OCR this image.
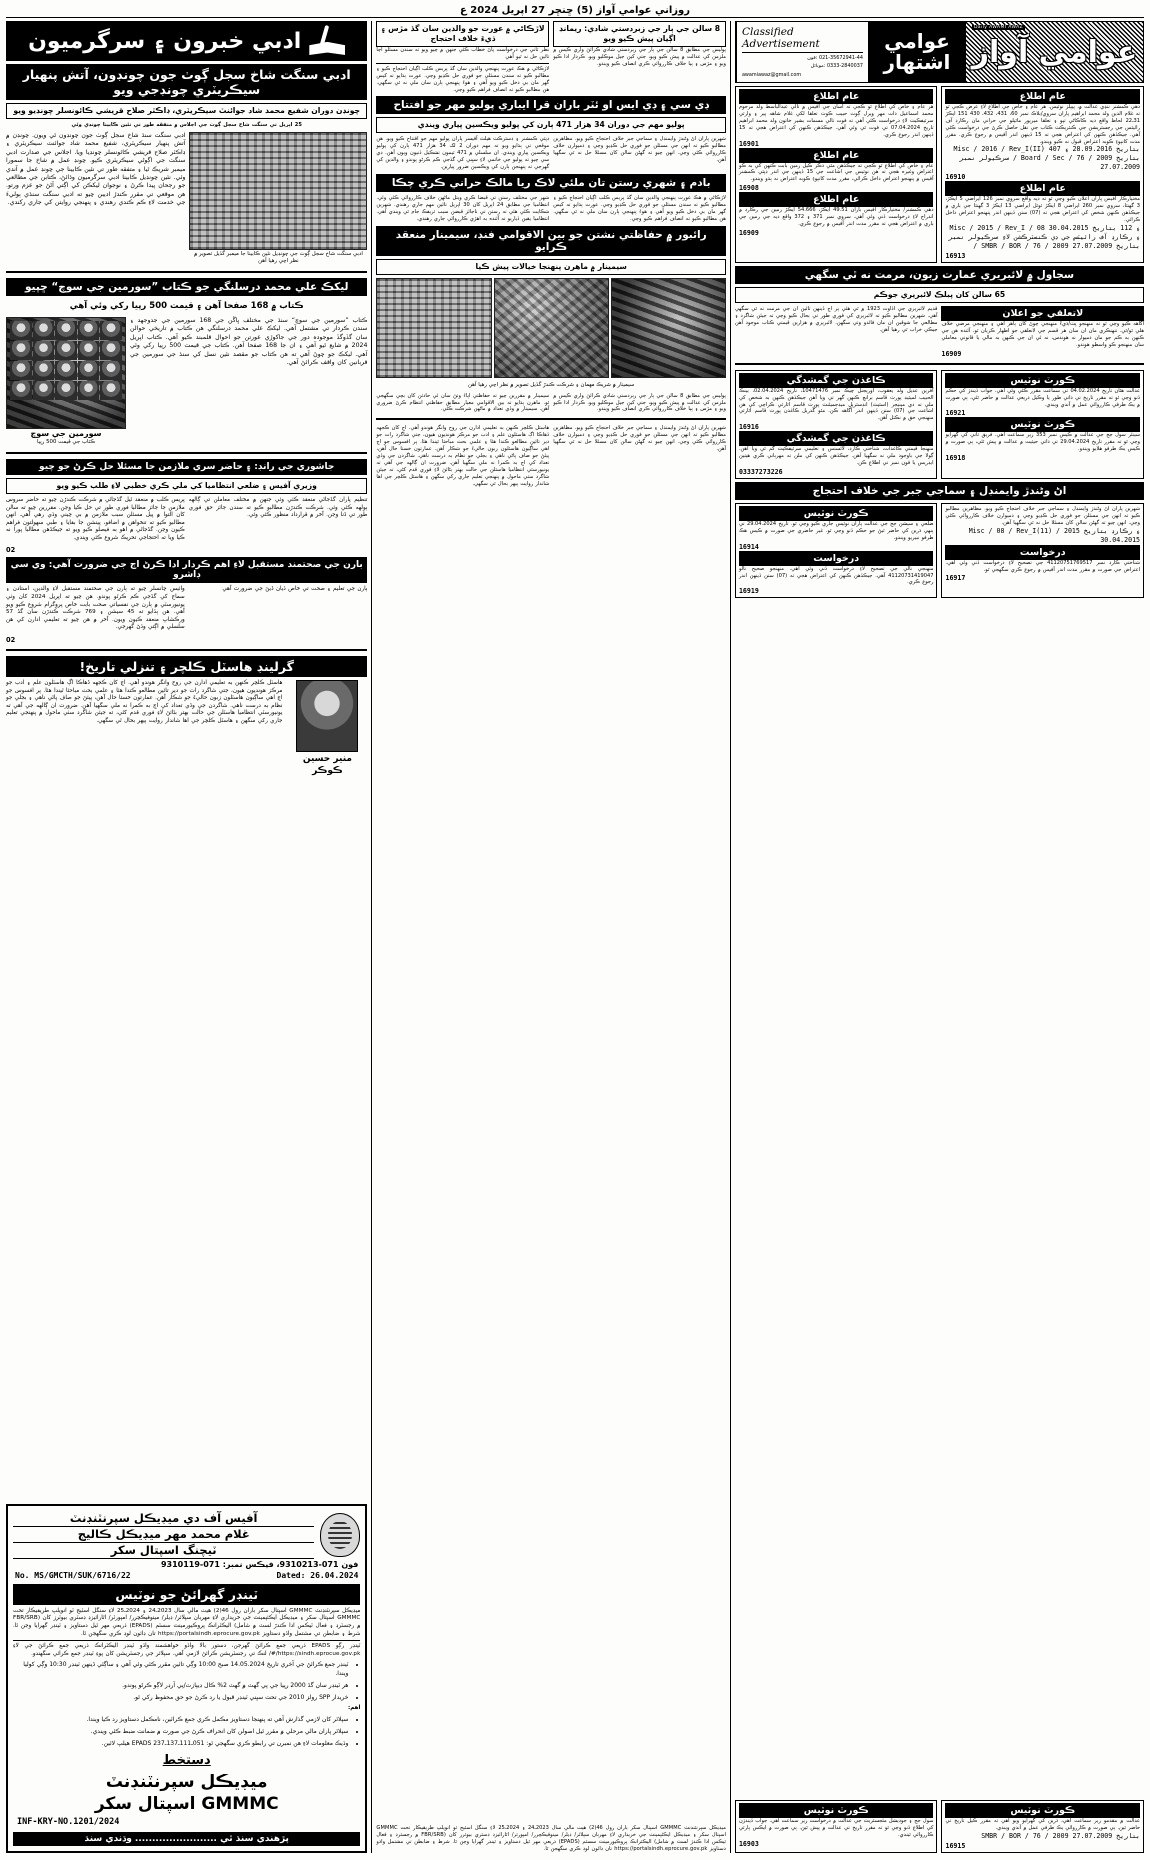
روزاني عوامي آواز (5) ڇنڇر 27 اپريل 2024 ع
ادبي خبرون ۽ سرگرميون
ادبي سنگت شاخ سجل ڳوٺ جون چونڊون، آتش پنهيار سيڪريٽري چونڊجي ويو
چونڊن دوران شفيع محمد شاد جوائنٽ سيڪريٽري، ڊاڪٽر صلاح قريشي ڪائونسلر چونڊيو ويو
25 اپريل تي سنگت شاخ سجل ڳوٺ جي اجلاس ۾ متفقه طور تي نئين ڪابينا چونڊي وئي
ادبي سنگت سنڌ شاخ سجل ڳوٺ جون چونڊون ٿي ويون. چونڊن ۾ آتش پنهيار سيڪريٽري، شفيع محمد شاد جوائنٽ سيڪريٽري ۽ ڊاڪٽر صلاح قريشي ڪائونسلر چونڊيا ويا. اجلاس جي صدارت ادبي سنگت جي اڳوڻي سيڪريٽري ڪيو. چونڊ عمل ۾ شاخ جا سمورا ميمبر شريڪ ٿيا ۽ متفقه طور تي نئين ڪابينا جي چونڊ عمل ۾ آندي وئي. نئين چونڊيل ڪابينا ادبي سرگرميون وڌائڻ، ڪتابن جي مطالعي جو رجحان پيدا ڪرڻ ۽ نوجوان ليکڪن کي اڳتي آڻڻ جو عزم ورتو. هن موقعي تي مقرر ڪندڙ اديبن چيو ته ادبي سنگت سنڌي ٻوليءَ جي خدمت لاءِ ڪم ڪندي رهندي ۽ پنهنجي روايتن کي جاري رکندي.
ادبي سنگت شاخ سجل ڳوٺ جي چونڊيل نئين ڪابينا جا ميمبر گڏيل تصوير ۾ نظر اچي رهيا آهن
ليکڪ علي محمد درسلنگي جو ڪتاب ”سورمين جي سوچ“ ڇپيو
ڪتاب ۾ 168 صفحا آهن ۽ قيمت 500 رپيا رکي وئي آهي
سورمين جي سوچ
ڪتاب جي قيمت 500 رپيا
ڪتاب ”سورمين جي سوچ“ سنڌ جي مختلف ڀاڱن جي 168 سورمين جي جدوجهد ۽ سندن ڪردار تي مشتمل آهي. ليکڪ علي محمد درسلنگي هن ڪتاب ۾ تاريخي حوالن سان گڏوگڏ موجوده دور جي جاکوڙي عورتن جو احوال قلمبند ڪيو آهي. ڪتاب اپريل 2024 ۾ شايع ٿيو آهي ۽ ان جا 168 صفحا آهن. ڪتاب جي قيمت 500 رپيا رکي وئي آهي. ليکڪ جو چوڻ آهي ته هن ڪتاب جو مقصد نئين نسل کي سنڌ جي سورمين جي قربانين کان واقف ڪرائڻ آهي.
جاشوري جي رانڊ: ۽ حاضر سري ملازمن جا مسئلا حل ڪرڻ جو چيو
وزيري آفيس ۽ ضلعي انتظاميا کي ملي ڪري خطبي لاءِ طلب ڪيو ويو
پريس ڪلب ۾ منعقد ٿيل گڏجاڻي ۾ شرڪت ڪندڙن چيو ته حاضر سروس ملازمن جا جائز مطالبا فوري طور تي حل ڪيا وڃن. مقررين چيو ته سالن کان التوا ۾ پيل مسئلن سبب ملازمن ۾ بي چيني وڌي رهي آهي. انهن مطالبو ڪيو ته تنخواهن ۾ اضافو، پينشن جا بقايا ۽ طبي سهولتون فراهم ڪيون وڃن. گڏجاڻي ۾ اهو به فيصلو ڪيو ويو ته جيڪڏهن مطالبا پورا نه ڪيا ويا ته احتجاجي تحريڪ شروع ڪئي ويندي.
تنظيم پاران گڏجاڻي منعقد ڪئي وئي جنهن ۾ مختلف معاملن تي ڳالهه ٻولهه ڪئي وئي. شرڪت ڪندڙن مطالبو ڪيو ته سندن جائز حق فوري طور تي ڏنا وڃن. آخر ۾ قرارداد منظور ڪئي وئي.
02
بارن جي صحتمند مستقبل لاءِ اهم ڪردار ادا ڪرڻ اڄ جي ضرورت آهي: وي سي ڊاشرو
وائيس چانسلر چيو ته ٻارن جي صحتمند مستقبل لاءِ والدين، استادن ۽ سماج کي گڏجي ڪم ڪرڻو پوندو. هن چيو ته اپريل 2024 کان وٺي يونيورسٽي ۾ ٻارن جي نفسياتي صحت بابت خاص پروگرام شروع ڪيو ويو آهي. هن ٻڌايو ته 45 سيشن ۽ 769 شرڪت ڪندڙن سان گڏ 57 ورڪشاپ منعقد ڪيون ويون. آخر ۾ هن چيو ته تعليمي ادارن کي هن سلسلي ۾ اڳتي وڌڻ گهرجي.
ٻارن جي تعليم ۽ صحت تي خاص ڌيان ڏيڻ جي ضرورت آهي
02
گرلينڊ هاسٽل ڪلچر ۽ تنزلي تاريخ!
هاسٽل ڪلچر ڪنهن به تعليمي ادارن جي روح وانگر هوندو آهي. اڄ کان ڪجهه ڏهاڪا اڳ هاسٽلون علم ۽ ادب جو مرڪز هونديون هيون، جتي شاگرد رات جو دير تائين مطالعو ڪندا هئا ۽ علمي بحث مباحثا ٿيندا هئا. پر افسوس جو اڄ اهي ساڳيون هاسٽلون زبون حاليءَ جو شڪار آهن. عمارتون خستا حال آهن، پيئڻ جو صاف پاڻي ناهي ۽ بجلي جو نظام به درست ناهي. شاگردن جي وڏي تعداد کي اڄ به ڪمرا نه ملي سگهيا آهن. ضرورت ان ڳالهه جي آهي ته يونيورسٽي انتظاميا هاسٽلن جي حالت بهتر بڻائڻ لاءِ فوري قدم کڻي، ته جيئن شاگرد سٺي ماحول ۾ پنهنجي تعليم جاري رکي سگهن ۽ هاسٽل ڪلچر جي اها شاندار روايت ٻيهر بحال ٿي سگهي.
منير حسين ڪوڪر
آفيس آف دي ميڊيڪل سپرنٽنڊنٽ
غلام محمد مهر ميڊيڪل ڪاليج
ٽيچنگ اسپتال سکر
فون 071-9310213، فيڪس نمبر: 071-9310119
No. MS/GMCTH/SUK/6716/22	Dated: 26.04.2024
ٽينڊر گهرائڻ جو نوٽيس
ميڊيڪل سپرنٽنڊنٽ GMMMC اسپتال سکر باران رول 46(2) هيٺ مالي سال 2023ـ24 ۽ 2024ـ25 لاءِ سنگل اسٽيج ٽو انويلپ طريقيڪار تحت GMMMC اسپتال سکر ۽ ميڊيڪل ايڪئپمينٽ جي خريداري لاءِ مهربان سپلائر/ ڊيلر/ مينوفيڪچرر/ امپورٽر/ اٿارائيزڊ ڊسٽري بيوٽرز کان (FBR/SRB ۾ رجسٽرڊ ۽ فعال ٽيڪس ادا ڪندڙ لسٽ ۾ شامل) اليڪٽرانڪ پروڪيورمينٽ سسٽم (EPADS) ذريعي مهر ٿيل دستاويز ۽ ٽينڊر گهرايا وڃن ٿا. شرط ۽ ضابطن تي مشتمل واڌو دستاويز https://portalsindh.eprocure.gov.pk تان ڊائون لوڊ ڪري سگهجن ٿا.
ٽينڊر رڳو EPADS ذريعي جمع ڪرائڻ گهرجن، دستور بالا واڌو خواهشمند واڌو ٽينڊر اليڪٽرانڪ ذريعي جمع ڪرائڻ جي لاءِ https://sindh.eprocue.gov.pk/#/ لنڪ تي رجسٽريشن ڪرائڻ لازمي آهي. سپلائر جي رجسٽريشن کان پوءِ ٽينڊر جمع ڪرائي سگهندو.
• ٽينڊر جمع ڪرائڻ جي آخري تاريخ 14.05.2024 صبح 10:00 وڳي تائين مقرر ڪئي وئي آهي ۽ ساڳئي ڏينهن ٽينڊر 10:30 وڳي کوليا ويندا.
• هر ٽينڊر سان گڏ 2000 رپيا جي پي گھٽ ۾ گھٽ 2% ڪال ڊيپازٽ/پي آرڊر لاڳو ڪرڻو پوندو.
• خريدار SPP رولز 2010 جي تحت سڀني ٽينڊر قبول يا رد ڪرڻ جو حق محفوظ رکي ٿو.
اهم:
• سپلائر کان لازمي گذارش آهي ته پنهنجا دستاويز مڪمل ڪري جمع ڪرائين، نامڪمل دستاويز رد ڪيا ويندا.
• سپلائر پاران مالي مرحلي ۾ مقرر ٿيل اصولن کان انحراف ڪرڻ جي صورت ۾ ضمانت ضبط ڪئي ويندي.
• وڌيڪ معلومات لاءِ هن نمبرن تي رابطو ڪري سگهجي ٿو: 051ـ111ـ137ـ237 EPADS هيلپ لائين.
دستخط
ميڊيڪل سپرنٽنڊنٽ
GMMMC اسپتال سکر
INF-KRY-NO.1201/2024
پڙهندي سنڌ ٿي ........................ وڌندي سنڌ
لاڙڪاڻي ۾ عورت جو والدين سان گڏ مڙس ۽ ڌيءَ خلاف احتجاج
نظر ثاني جي درخواست پاڻ خطاب ڪئي جنهن ۾ چيو ويو ته سندن مسئلو اڃا تائين حل نه ٿيو آهي
لاڙڪاڻي ۾ هڪ عورت پنهنجي والدين سان گڏ پريس ڪلب اڳيان احتجاج ڪيو ۽ مطالبو ڪيو ته سندن مسئلي جو فوري حل ڪڍيو وڃي. عورت ٻڌايو ته کيس گهر مان بي دخل ڪيو ويو آهي ۽ هوءَ پنهنجي ٻارن سان ملي نه ٿي سگهي. هن مطالبو ڪيو ته انصاف فراهم ڪيو وڃي.
8 سالن جي ٻار جي زبردستي شادي: ريمانڊ اڳيان پيش ڪيو ويو
پوليس جي مطابق 8 سالن جي ٻار جي زبردستي شادي ڪرائڻ واري ڪيس ۾ ملزمن کي عدالت ۾ پيش ڪيو ويو، جتي کين جيل موڪليو ويو. ڪردار ادا ڪيو ويو ۽ مڙس ۽ ٻيا خلاف ڪارروائي ڪري انصاف ڪيو ويندو.
ڊي سي ۽ ڊي ايس او ئٽر باران قرا ايباري پوليو مهر جو افتتاح
پوليو مهم جي دوران 34 هزار 471 ٻارن کي پوليو ويڪسين پياري ويندي
ڊپٽي ڪمشنر ۽ ڊسٽرڪٽ هيلٿ آفيسر پاران پوليو مهم جو افتتاح ڪيو ويو. هن موقعي تي ٻڌايو ويو ته مهم دوران 2 لک 34 هزار 471 ٻارن کي پوليو ويڪسين پياري ويندي. ان سلسلي ۾ 471 ٽيمون تشڪيل ڏنيون ويون آهن. ڊي سي چيو ته پوليو جي خاتمي لاءِ سڀني کي گڏجي ڪم ڪرڻو پوندو ۽ والدين کي گهرجي ته پنهنجن ٻارن کي ويڪسين ضرور پيارين.
شهرين پاران اڻ وڻندڙ وايمنڊل ۽ سماجي جبر خلاف احتجاج ڪيو ويو. مظاهرين مطالبو ڪيو ته انهن جي مسئلن جو فوري حل ڪڍيو وڃي ۽ ذميوارن خلاف ڪارروائي ڪئي وڃي. انهن چيو ته گهڻن سالن کان مسئلا حل نه ٿي سگهيا آهن.
بادم ۽ شهري رستن تان ملئي لاڪ ريا مالڪ حراني ڪري چڪا
شهر جي مختلف رستن تي قبضا ڪري ويٺل ماڻهن خلاف ڪارروائي ڪئي وئي. انتظاميا جي مطابق 24 اپريل کان 30 اپريل تائين مهم جاري رهندي. شهرين شڪايت ڪئي هئي ته رستن تي ناجائز قبضن سبب ٽريفڪ جام ٿي ويندي آهي. انتظاميا يقين ڏياريو ته آئنده به اهڙي ڪارروائي جاري رهندي.
لاڙڪاڻي ۾ هڪ عورت پنهنجي والدين سان گڏ پريس ڪلب اڳيان احتجاج ڪيو ۽ مطالبو ڪيو ته سندن مسئلي جو فوري حل ڪڍيو وڃي. عورت ٻڌايو ته کيس گهر مان بي دخل ڪيو ويو آهي ۽ هوءَ پنهنجي ٻارن سان ملي نه ٿي سگهي. هن مطالبو ڪيو ته انصاف فراهم ڪيو وڃي.
رائبور ۾ حفاظتي نشتن جو بين الاقوامي فنڊ، سيمينار منعقد ڪرايو
سيمينار ۾ ماهرن پنهنجا خيالات پيش ڪيا
سيمينار ۾ شريڪ مهمان ۽ شرڪت ڪندڙ گڏيل تصوير ۾ نظر اچي رهيا آهن
سيمينار ۾ مقررين چيو ته حفاظتي اپاءَ وٺڻ سان ئي حادثن کان بچي سگهجي ٿو. ماهرن ٻڌايو ته بين الاقوامي معيار مطابق حفاظتي انتظام ڪرڻ ضروري آهن. سيمينار ۾ وڏي تعداد ۾ ماڻهن شرڪت ڪئي.
پوليس جي مطابق 8 سالن جي ٻار جي زبردستي شادي ڪرائڻ واري ڪيس ۾ ملزمن کي عدالت ۾ پيش ڪيو ويو، جتي کين جيل موڪليو ويو. ڪردار ادا ڪيو ويو ۽ مڙس ۽ ٻيا خلاف ڪارروائي ڪري انصاف ڪيو ويندو.
هاسٽل ڪلچر ڪنهن به تعليمي ادارن جي روح وانگر هوندو آهي. اڄ کان ڪجهه ڏهاڪا اڳ هاسٽلون علم ۽ ادب جو مرڪز هونديون هيون، جتي شاگرد رات جو دير تائين مطالعو ڪندا هئا ۽ علمي بحث مباحثا ٿيندا هئا. پر افسوس جو اڄ اهي ساڳيون هاسٽلون زبون حاليءَ جو شڪار آهن. عمارتون خستا حال آهن، پيئڻ جو صاف پاڻي ناهي ۽ بجلي جو نظام به درست ناهي. شاگردن جي وڏي تعداد کي اڄ به ڪمرا نه ملي سگهيا آهن. ضرورت ان ڳالهه جي آهي ته يونيورسٽي انتظاميا هاسٽلن جي حالت بهتر بڻائڻ لاءِ فوري قدم کڻي، ته جيئن شاگرد سٺي ماحول ۾ پنهنجي تعليم جاري رکي سگهن ۽ هاسٽل ڪلچر جي اها شاندار روايت ٻيهر بحال ٿي سگهي.
شهرين پاران اڻ وڻندڙ وايمنڊل ۽ سماجي جبر خلاف احتجاج ڪيو ويو. مظاهرين مطالبو ڪيو ته انهن جي مسئلن جو فوري حل ڪڍيو وڃي ۽ ذميوارن خلاف ڪارروائي ڪئي وڃي. انهن چيو ته گهڻن سالن کان مسئلا حل نه ٿي سگهيا آهن.
ميڊيڪل سپرنٽنڊنٽ GMMMC اسپتال سکر باران رول 46(2) هيٺ مالي سال 2023ـ24 ۽ 2024ـ25 لاءِ سنگل اسٽيج ٽو انويلپ طريقيڪار تحت GMMMC اسپتال سکر ۽ ميڊيڪل ايڪئپمينٽ جي خريداري لاءِ مهربان سپلائر/ ڊيلر/ مينوفيڪچرر/ امپورٽر/ اٿارائيزڊ ڊسٽري بيوٽرز کان (FBR/SRB ۾ رجسٽرڊ ۽ فعال ٽيڪس ادا ڪندڙ لسٽ ۾ شامل) اليڪٽرانڪ پروڪيورمينٽ سسٽم (EPADS) ذريعي مهر ٿيل دستاويز ۽ ٽينڊر گهرايا وڃن ٿا. شرط ۽ ضابطن تي مشتمل واڌو دستاويز https://portalsindh.eprocure.gov.pk تان ڊائون لوڊ ڪري سگهجن ٿا.
Classified Advertisement
021-35672941-44 :فون
0333-2840037 :موبائل
awamiawaz@gmail.com
عوامي
اشتهار
Daily AWAMI AWAZ
عوامي آواز
عام اطلاع
هر عام ۽ خاص کي اطلاع ٿو ڪجي ته اسان جي آفيس ۾ تالي عبدالباسط ولد مرحوم محمد اسماعيل ذات مهر ويرل ڳوٺ حبيب ڪوٽ تعلقا لکي غلام شاهه پير ۽ وارثي سرٽيفڪيٽ لاءِ درخواست ڪئي آهي ته فوت تالي مسمات بشير خاتون ولد محمد ابراهيم تاريخ 07.04.2024 تي فوت ٿي وئي آهي. جيڪڏهن ڪنهن کي اعتراض هجي ته 15 ڏينهن اندر رجوع ڪري.
16901
عام اطلاع
عام ۽ خاص کي اطلاع ٿو ڪجي ته جيڪڏهن مٿي ذڪر ڪيل زمين بابت ڪنهن کي به ڪو اعتراض وغيره هجي ته هن نوٽيس جي اشاعت جي 15 ڏينهن جي اندر ڊپٽي ڪمشنر آفيس ۾ پنهنجو اعتراض داخل ڪرائي، مقرر مدت کانپوءِ ڪوبه اعتراض نه ٻڌو ويندو.
16908
عام اطلاع
دهي ڪمشنر/ مختيارڪار آفيس باران 49.51 ايڪڙ، 54.666 ايڪڙ زمين جي رڪارڊ ۾ اندراج لاءِ درخواست ڏني وئي آهي. سروي نمبر 371 ۽ 372 واقع ديه جي زمين جي باري ۾ اعتراض هجي ته مقرر مدت اندر آفيس ۾ رجوع ڪري.
16909
عام اطلاع
دهي ڪمشنر ننڍي عدالت ۾، پيپلز نوٽيس. هر عام ۽ خاص جي اطلاع لاءِ عرض ڪجي ٿو ته غلام الدين ولد محمد ابراهيم پاران سروي/بلاڪ نمبر 60، 431، 432، 430 151 ايڪڙ 31ـ22 لحاظ واقع ديه ڪاڪاڻي تپو ۽ تعلقا ميرپور ماٿيلو جي حراني مان رڪارڊ آف رائيٽس جي رجسٽريشن جي ڪنٽريڪٽ ڪتاب جي نقل حاصل ڪرڻ جي درخواست ڪئي آهي. جيڪڏهن ڪنهن کي اعتراض هجي ته 15 ڏينهن اندر آفيس ۾ رجوع ڪري. مقرر مدت کانپوءِ ڪوبه اعتراض قبول نه ڪيو ويندو.
Misc / 2016 / Rev_I(II) 407 بتاريخ 28.09.2016 ۽ سرڪيولر نمبر / Board / Sec / 76 / 2009 بتاريخ 27.07.2009
16910
عام اطلاع
مختيارڪار آفيس پاران اعلان ڪيو وڃي ٿو ته ديه واقع سروي نمبر 126 ايراضي 5 ايڪڙ، 3 گهنٽا، سروي نمبر 260 ايراضي 8 ايڪڙ ٽوٽل ايراضي 13 ايڪڙ 3 گهنٽا جي باري ۾ جيڪڏهن ڪنهن شخص کي اعتراض هجي ته (07) ستن ڏينهن اندر پنهنجو اعتراض داخل ڪرائي.
Misc / 2015 / Rev_I / 08 ۽ 112 بتاريخ 30.04.2015 ۽ رڪارڊ آف رائيٽس جي ڊي ڪنسٽرڪشن لاءِ سرڪيولر نمبر / SMBR / BOR / 76 / 2009 بتاريخ 27.07.2009
16913
سجاول ۾ لائبريري عمارت زبون، مرمت نه ٿي سگهي
65 سالن کان پبلڪ لائبريري جوڪم
قديم لائبريري جي اڏاوت 1923 ۾ ٿي هئي پر اڄ ڏينهن تائين ان جي مرمت نه ٿي سگهي آهي. شهرين مطالبو ڪيو ته لائبريري کي فوري طور تي بحال ڪيو وڃي ته جيئن شاگرد ۽ مطالعي جا شوقين ان مان فائدو وٺي سگهن. لائبريري ۾ ھزارين قيمتي ڪتاب موجود آهن جيڪي خراب ٿي رهيا آهن.
لاتعلقي جو اعلان
آگاهه ڪيو وڃي ٿو ته منهنجو پٽ/ڌيءُ منهنجي چوڻ کان ٻاهر آهي ۽ منهنجي مرضي خلاف هلي ٿو/ٿي. تنهنڪري مان ان سان هر قسم جي لاتعلقي جو اظهار ڪريان ٿو. آئنده هن جي ڪنهن به ڪم جو مان ذميوار نه هوندس، نه ئي ان جي ڪنهن به مالي يا قانوني معاملي سان منهنجو ڪو واسطو هوندو.
16909
ڪاغذن جي گمشدگي
آفرين عديل ولد يعقوب، اوريجنل ڇيڪ نمبر 10471476، تاريخ 02.04.2024، بينڪ الحبيب لميٽيڊ پورٽ قاسم برانچ ڪنهن گهر تي ويا آهن جيڪڏهن ڪنهن به شخص کي ملي ته دي مينيجر (اسٽيٿ) انڊسٽريل ميڊجميئنٽ پورٽ قاسم اٿارٽي ڪراچي کي هن اشاعت جي (07) ستن ڏينهن اندر آگاهه ڪن. مٿو گذريل ڪاغذن پورٽ قاسم اٿارٽي منهنجي حق ۾ نڪتل آهن.
16916
ڪاغذن جي گمشدگي
منهنجا قيمتي ڪاغذات، شناختي ڪارڊ، لائسنس ۽ تعليمي سرٽيفڪيٽ گم ٿي ويا آهن. ڳولا جي باوجود ملي نه سگهيا آهن. جيڪڏهن ڪنهن کي ملن ته مهرباني ڪري هيٺين ايڊريس يا فون نمبر تي اطلاع ڪن.
03337273226
ڪورٽ نوٽيس
عدالت هٿان تاريخ 04.02.2024 تي سماعت مقرر ڪئي وئي آهي. جواب ڏيندڙ کي حڪم ڏنو وڃي ٿو ته مقرر تاريخ تي ذاتي طور يا وڪيل ذريعي عدالت ۾ حاضر ٿئي، ٻي صورت ۾ يڪ طرفي ڪارروائي عمل ۾ آندي ويندي.
16921
ڪورٽ نوٽيس
سينئر سول جج جي عدالت ۾ ڪيس نمبر 353 زير سماعت آهي. فريق ثاني کي گهرايو وڃي ٿو ته مقرر تاريخ 29.04.2024 تي ذاتي حيثيت ۾ عدالت ۾ پيش ٿئي، ٻي صورت ۾ ڪيس يڪ طرفو هلايو ويندو.
16918
اڻ وڻندڙ وايمنڊل ۽ سماجي جبر جي خلاف احتجاج
ڪورٽ نوٽيس
ضلعي ۽ سيشن جج جي عدالت پاران نوٽيس جاري ڪيو وڃي ٿو. تاريخ 29.04.2024 تي ٻنهي ڌرين کي حاضر ٿيڻ جو حڪم ڏنو وڃي ٿو. غير حاضري جي صورت ۾ ڪيس هڪ طرفو نبيريو ويندو.
16914
درخواست
منهنجي نالي جي تصحيح لاءِ درخواست ڏني وئي آهي. منهنجو صحيح نالو 41120731419047 آهي. جيڪڏهن ڪنهن کي اعتراض هجي ته (07) ستن ڏينهن اندر رجوع ڪري.
16919
شهرين پاران اڻ وڻندڙ وايمنڊل ۽ سماجي جبر خلاف احتجاج ڪيو ويو. مظاهرين مطالبو ڪيو ته انهن جي مسئلن جو فوري حل ڪڍيو وڃي ۽ ذميوارن خلاف ڪارروائي ڪئي وڃي. انهن چيو ته گهڻن سالن کان مسئلا حل نه ٿي سگهيا آهن.
Misc / 08 / Rev_I(11) / 2015 ۽ رڪارڊ بتاريخ 30.04.2015
درخواست
شناختي ڪارڊ نمبر 41120751769517 جي تصحيح لاءِ درخواست ڏني وئي آهي. اعتراض جي صورت ۾ مقرر مدت اندر آفيس ۾ رجوع ڪري سگهجي ٿو.
16917
ڪورٽ نوٽيس
سول جج ۽ جوڊيشل مئجسٽريٽ جي عدالت ۾ درخواست زير سماعت آهي. جواب ڏيندڙن کي اطلاع ڏنو وڃي ٿو ته مقرر تاريخ تي عدالت ۾ پيش ٿين. ٻي صورت ۾ ايڪس پارٽي ڪارروائي ٿيندي.
16903
ڪورٽ نوٽيس
عدالت ۾ مقدمو زير سماعت آهي، ڌرين کي گهرايو ويو آهي ته مقرر ڪيل تاريخ تي حاضر ٿين. ٻي صورت ۾ ڪارروائي يڪ طرفي عمل ۾ آندي ويندي.
SMBR / BOR / 76 / 2009 بتاريخ 27.07.2009
16915
